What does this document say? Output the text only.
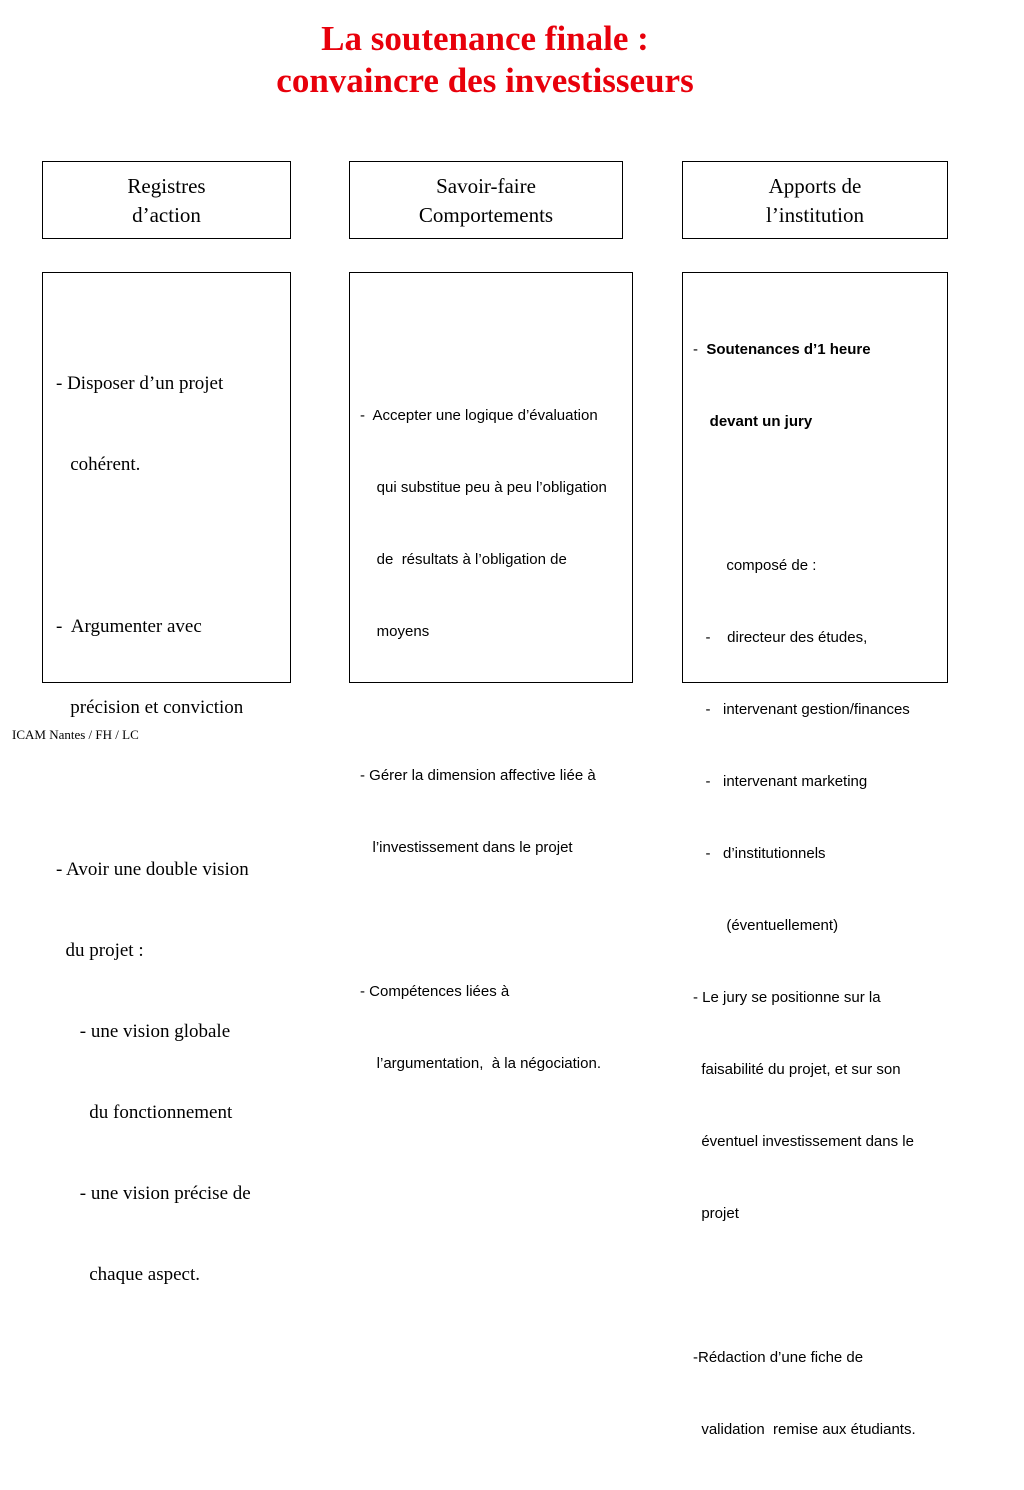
La soutenance finale :
convaincre des investisseurs
Registres
d’action
Savoir-faire
Comportements
Apports de
l’institution

- Disposer d’un projet

cohérent.

-  Argumenter avec

précision et conviction

- Avoir une double vision

du projet :

- une vision globale

du fonctionnement

- une vision précise de

chaque aspect.

-  Accepter une logique d’évaluation

qui substitue peu à peu l’obligation

de  résultats à l’obligation de

moyens

- Gérer la dimension affective liée à

l’investissement dans le projet

- Compétences liées à

l’argumentation,  à la négociation.

-  Soutenances d’1 heure

devant un jury

composé de :

-    directeur des études,

-   intervenant gestion/finances

-   intervenant marketing

-   d’institutionnels

(éventuellement)

- Le jury se positionne sur la

faisabilité du projet, et sur son

éventuel investissement dans le

projet

-Rédaction d’une fiche de

validation  remise aux étudiants.

ICAM Nantes / FH / LC
